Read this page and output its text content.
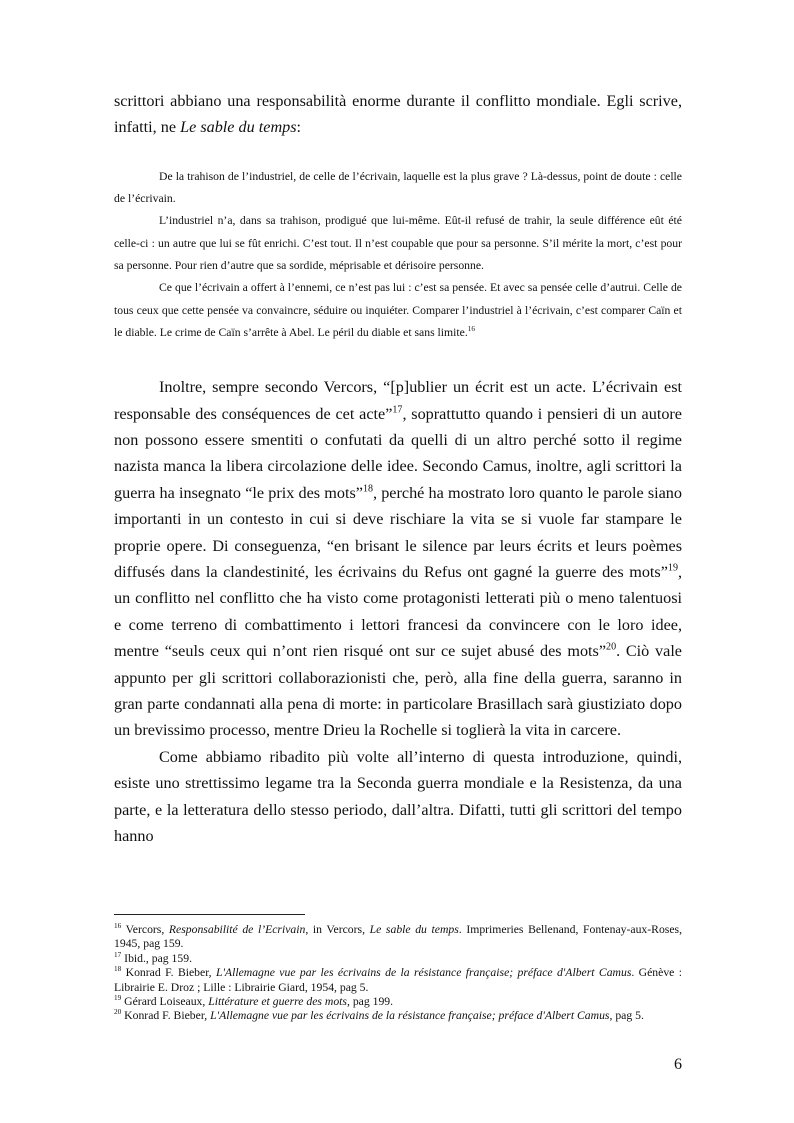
scrittori abbiano una responsabilità enorme durante il conflitto mondiale. Egli scrive, infatti, ne Le sable du temps:

De la trahison de l’industriel, de celle de l’écrivain, laquelle est la plus grave ? Là-dessus, point de doute : celle de l’écrivain.

L’industriel n’a, dans sa trahison, prodigué que lui-même. Eût-il refusé de trahir, la seule différence eût été celle-ci : un autre que lui se fût enrichi. C’est tout. Il n’est coupable que pour sa personne. S’il mérite la mort, c’est pour sa personne. Pour rien d’autre que sa sordide, méprisable et dérisoire personne.

Ce que l’écrivain a offert à l’ennemi, ce n’est pas lui : c’est sa pensée. Et avec sa pensée celle d’autrui. Celle de tous ceux que cette pensée va convaincre, séduire ou inquiéter. Comparer l’industriel à l’écrivain, c’est comparer Caïn et le diable. Le crime de Caïn s’arrête à Abel. Le péril du diable et sans limite.$^{16}$

Inoltre, sempre secondo Vercors, “[p]ublier un écrit est un acte. L’écrivain est responsable des conséquences de cet acte”$^{17}$, soprattutto quando i pensieri di un autore non possono essere smentiti o confutati da quelli di un altro perché sotto il regime nazista manca la libera circolazione delle idee. Secondo Camus, inoltre, agli scrittori la guerra ha insegnato “le prix des mots”$^{18}$, perché ha mostrato loro quanto le parole siano importanti in un contesto in cui si deve rischiare la vita se si vuole far stampare le proprie opere. Di conseguenza, “en brisant le silence par leurs écrits et leurs poèmes diffusés dans la clandestinité, les écrivains du Refus ont gagné la guerre des mots”$^{19}$, un conflitto nel conflitto che ha visto come protagonisti letterati più o meno talentuosi e come terreno di combattimento i lettori francesi da convincere con le loro idee, mentre “seuls ceux qui n’ont rien risqué ont sur ce sujet abusé des mots”$^{20}$. Ciò vale appunto per gli scrittori collaborazionisti che, però, alla fine della guerra, saranno in gran parte condannati alla pena di morte: in particolare Brasillach sarà giustiziato dopo un brevissimo processo, mentre Drieu la Rochelle si toglierà la vita in carcere.

Come abbiamo ribadito più volte all’interno di questa introduzione, quindi, esiste uno strettissimo legame tra la Seconda guerra mondiale e la Resistenza, da una parte, e la letteratura dello stesso periodo, dall’altra. Difatti, tutti gli scrittori del tempo hanno

$^{16}$ Vercors, Responsabilité de l’Ecrivain, in Vercors, Le sable du temps. Imprimeries Bellenand, Fontenay-aux-Roses, 1945, pag 159.

$^{17}$ Ibid., pag 159.

$^{18}$ Konrad F. Bieber, L'Allemagne vue par les écrivains de la résistance française; préface d'Albert Camus. Génève : Librairie E. Droz ; Lille : Librairie Giard, 1954, pag 5.

$^{19}$ Gérard Loiseaux, Littérature et guerre des mots, pag 199.

$^{20}$ Konrad F. Bieber, L'Allemagne vue par les écrivains de la résistance française; préface d'Albert Camus, pag 5.

6
